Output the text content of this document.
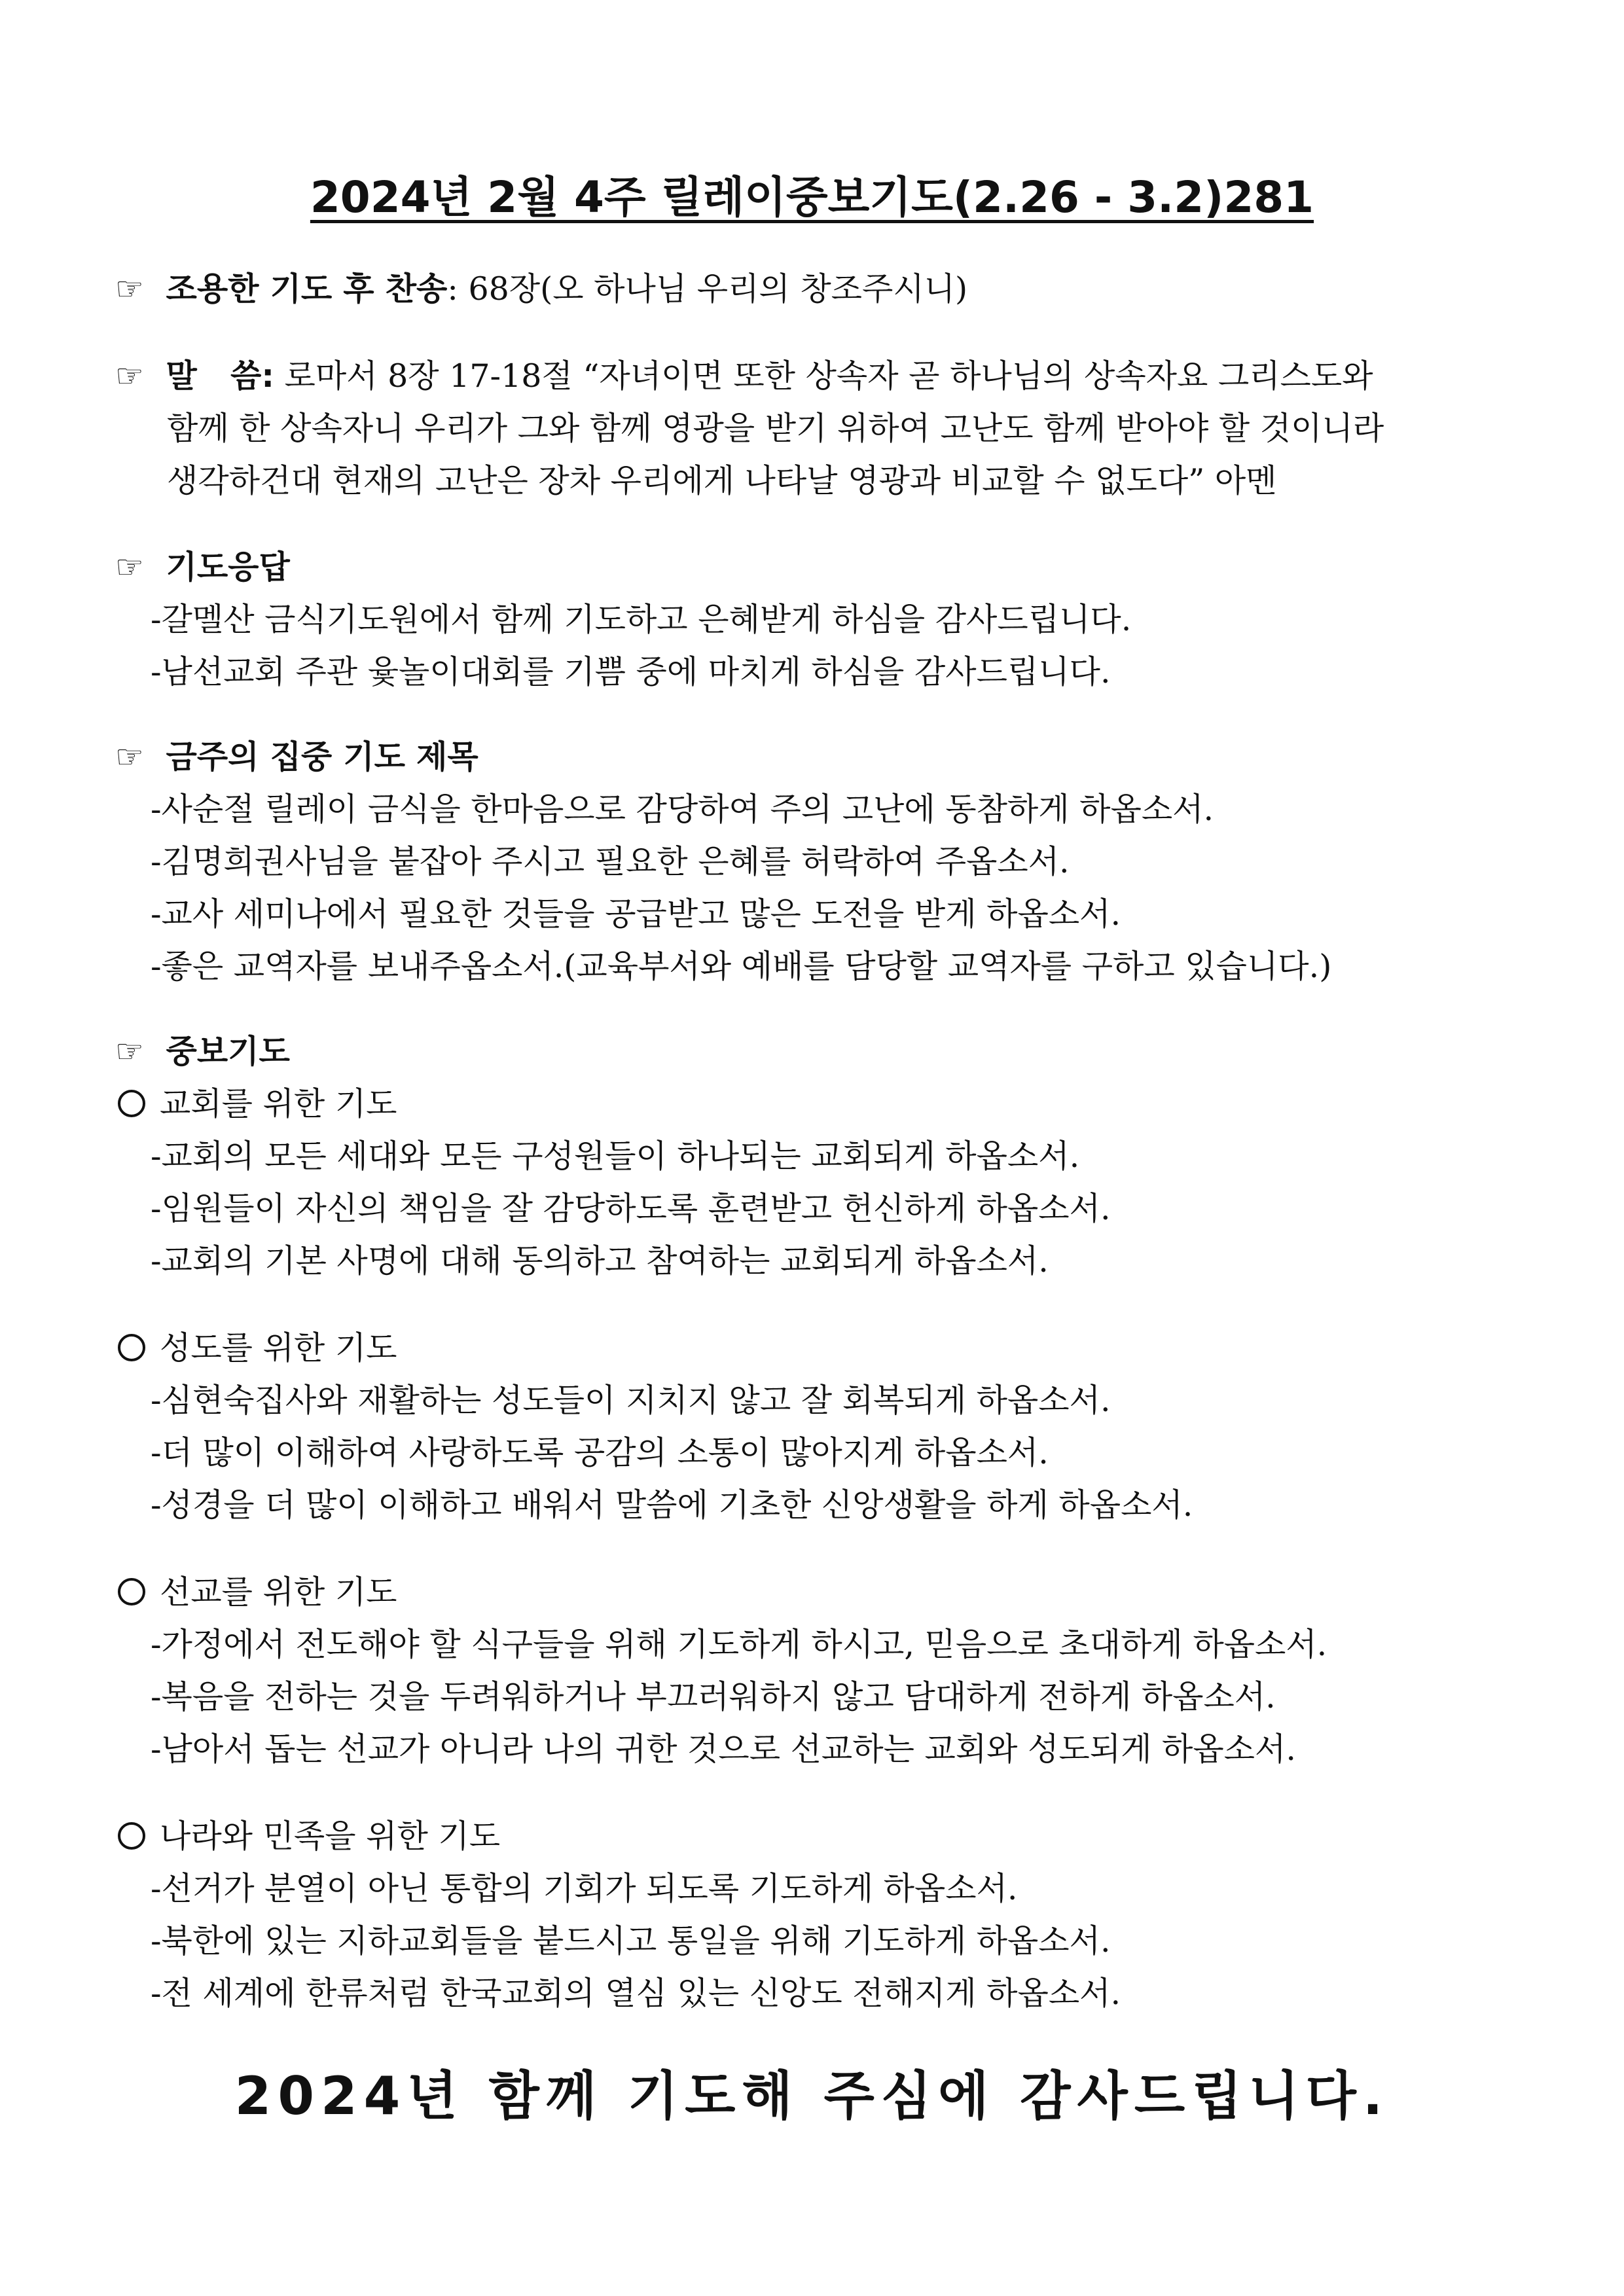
2024년 2월 4주 릴레이중보기도(2.26 - 3.2)281
☞ 조용한 기도 후 찬송: 68장(오 하나님 우리의 창조주시니)
☞ 말   씀: 로마서 8장 17-18절 “자녀이면 또한 상속자 곧 하나님의 상속자요 그리스도와
함께 한 상속자니 우리가 그와 함께 영광을 받기 위하여 고난도 함께 받아야 할 것이니라
생각하건대 현재의 고난은 장차 우리에게 나타날 영광과 비교할 수 없도다” 아멘
☞ 기도응답
-갈멜산 금식기도원에서 함께 기도하고 은혜받게 하심을 감사드립니다.
-남선교회 주관 윷놀이대회를 기쁨 중에 마치게 하심을 감사드립니다.
☞ 금주의 집중 기도 제목
-사순절 릴레이 금식을 한마음으로 감당하여 주의 고난에 동참하게 하옵소서.
-김명희권사님을 붙잡아 주시고 필요한 은혜를 허락하여 주옵소서.
-교사 세미나에서 필요한 것들을 공급받고 많은 도전을 받게 하옵소서.
-좋은 교역자를 보내주옵소서.(교육부서와 예배를 담당할 교역자를 구하고 있습니다.)
☞ 중보기도
교회를 위한 기도
-교회의 모든 세대와 모든 구성원들이 하나되는 교회되게 하옵소서.
-임원들이 자신의 책임을 잘 감당하도록 훈련받고 헌신하게 하옵소서.
-교회의 기본 사명에 대해 동의하고 참여하는 교회되게 하옵소서.
성도를 위한 기도
-심현숙집사와 재활하는 성도들이 지치지 않고 잘 회복되게 하옵소서.
-더 많이 이해하여 사랑하도록 공감의 소통이 많아지게 하옵소서.
-성경을 더 많이 이해하고 배워서 말씀에 기초한 신앙생활을 하게 하옵소서.
선교를 위한 기도
-가정에서 전도해야 할 식구들을 위해 기도하게 하시고, 믿음으로 초대하게 하옵소서.
-복음을 전하는 것을 두려워하거나 부끄러워하지 않고 담대하게 전하게 하옵소서.
-남아서 돕는 선교가 아니라 나의 귀한 것으로 선교하는 교회와 성도되게 하옵소서.
나라와 민족을 위한 기도
-선거가 분열이 아닌 통합의 기회가 되도록 기도하게 하옵소서.
-북한에 있는 지하교회들을 붙드시고 통일을 위해 기도하게 하옵소서.
-전 세계에 한류처럼 한국교회의 열심 있는 신앙도 전해지게 하옵소서.
2024년 함께 기도해 주심에 감사드립니다.
